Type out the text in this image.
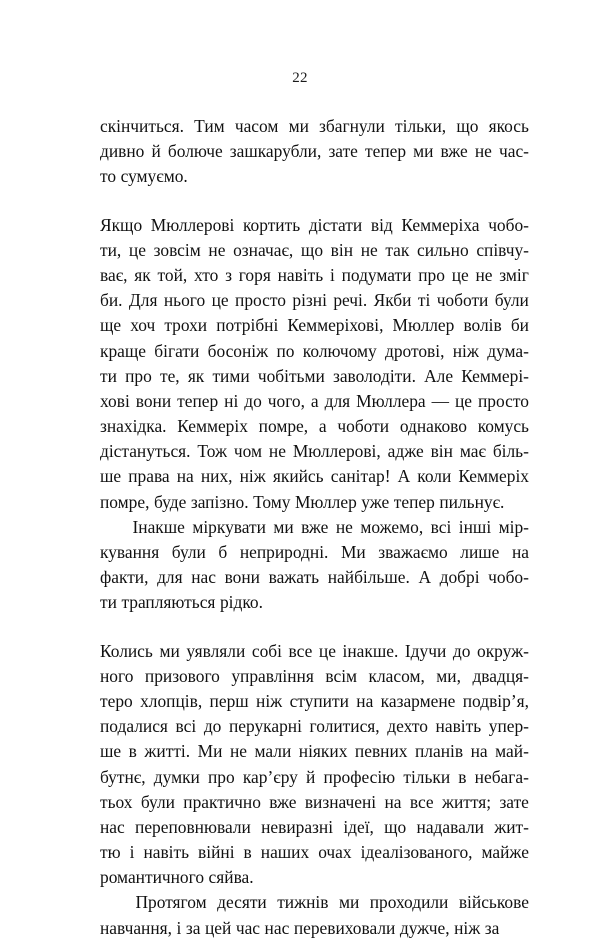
22
скінчиться. Тим часом ми збагнули тільки, що якось
дивно й болюче зашкарубли, зате тепер ми вже не час-
то сумуємо.
Якщо Мюллерові кортить дістати від Кеммеріха чобо-
ти, це зовсім не означає, що він не так сильно співчу-
ває, як той, хто з горя навіть і подумати про це не зміг
би. Для нього це просто різні речі. Якби ті чоботи були
ще хоч трохи потрібні Кеммеріхові, Мюллер волів би
краще бігати босоніж по колючому дротові, ніж дума-
ти про те, як тими чобітьми заволодіти. Але Кеммері-
хові вони тепер ні до чого, а для Мюллера — це просто
знахідка. Кеммеріх помре, а чоботи однаково комусь
дістануться. Тож чом не Мюллерові, адже він має біль-
ше права на них, ніж якийсь санітар! А коли Кеммеріх
помре, буде запізно. Тому Мюллер уже тепер пильнує.
Інакше міркувати ми вже не можемо, всі інші мір-
кування були б неприродні. Ми зважаємо лише на
факти, для нас вони важать найбільше. А добрі чобо-
ти трапляються рідко.
Колись ми уявляли собі все це інакше. Ідучи до окруж-
ного призового управління всім класом, ми, двадця-
теро хлопців, перш ніж ступити на казармене подвір’я,
подалися всі до перукарні голитися, дехто навіть упер-
ше в житті. Ми не мали ніяких певних планів на май-
бутнє, думки про кар’єру й професію тільки в небага-
тьох були практично вже визначені на все життя; зате
нас переповнювали невиразні ідеї, що надавали жит-
тю і навіть війні в наших очах ідеалізованого, майже
романтичного сяйва.
Протягом десяти тижнів ми проходили військове
навчання, і за цей час нас перевиховали дужче, ніж за
